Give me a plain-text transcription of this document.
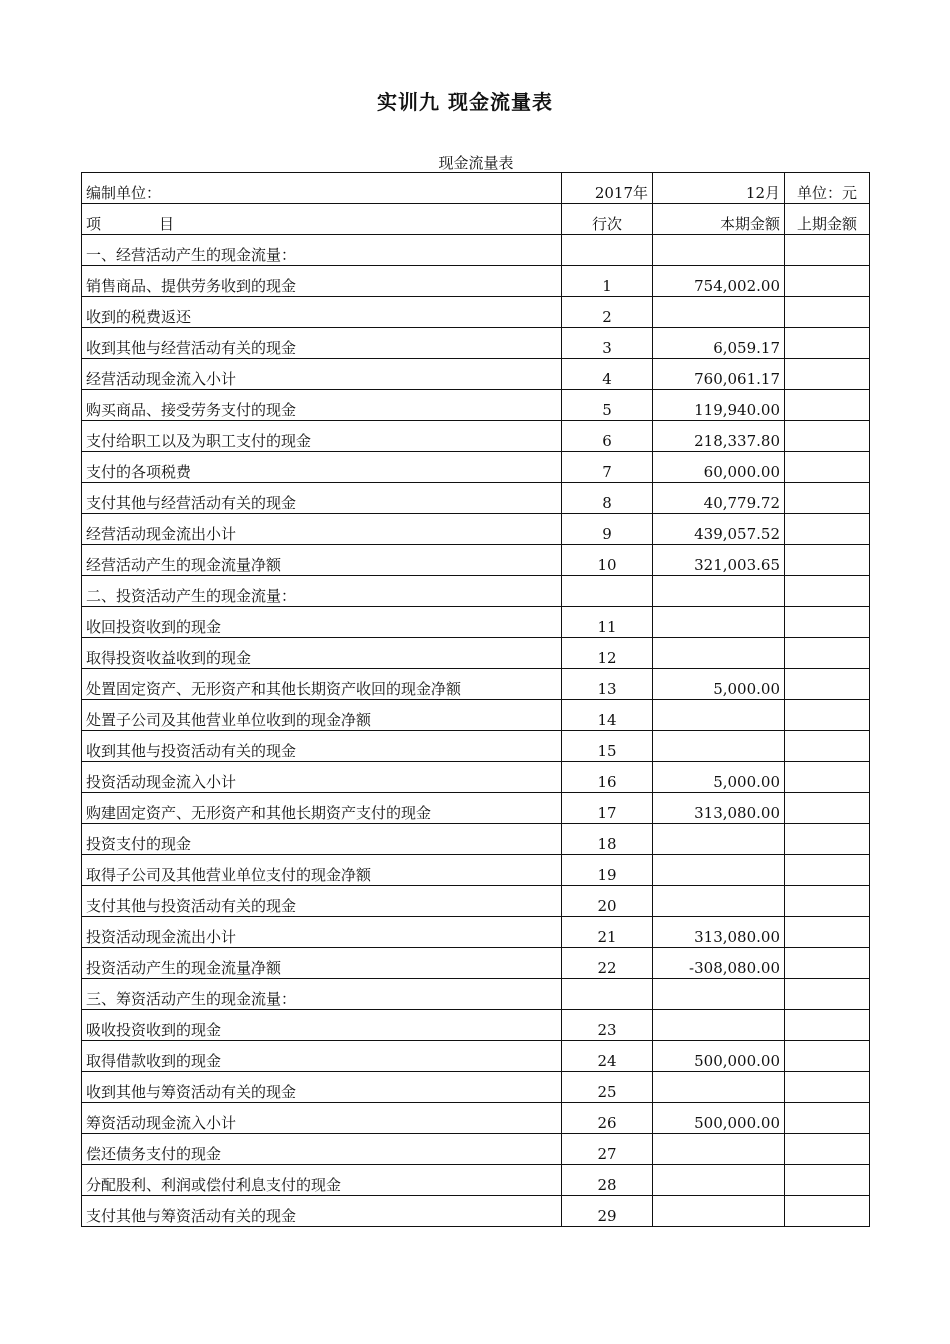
实训九 现金流量表
现金流量表
编制单位：	2017年	12月	单位：元
项 目	行次	本期金额	上期金额
一、经营活动产生的现金流量：			
销售商品、提供劳务收到的现金	1	754,002.00	
收到的税费返还	2		
收到其他与经营活动有关的现金	3	6,059.17	
经营活动现金流入小计	4	760,061.17	
购买商品、接受劳务支付的现金	5	119,940.00	
支付给职工以及为职工支付的现金	6	218,337.80	
支付的各项税费	7	60,000.00	
支付其他与经营活动有关的现金	8	40,779.72	
经营活动现金流出小计	9	439,057.52	
经营活动产生的现金流量净额	10	321,003.65	
二、投资活动产生的现金流量：			
收回投资收到的现金	11		
取得投资收益收到的现金	12		
处置固定资产、无形资产和其他长期资产收回的现金净额	13	5,000.00	
处置子公司及其他营业单位收到的现金净额	14		
收到其他与投资活动有关的现金	15		
投资活动现金流入小计	16	5,000.00	
购建固定资产、无形资产和其他长期资产支付的现金	17	313,080.00	
投资支付的现金	18		
取得子公司及其他营业单位支付的现金净额	19		
支付其他与投资活动有关的现金	20		
投资活动现金流出小计	21	313,080.00	
投资活动产生的现金流量净额	22	-308,080.00	
三、筹资活动产生的现金流量：			
吸收投资收到的现金	23		
取得借款收到的现金	24	500,000.00	
收到其他与筹资活动有关的现金	25		
筹资活动现金流入小计	26	500,000.00	
偿还债务支付的现金	27		
分配股利、利润或偿付利息支付的现金	28		
支付其他与筹资活动有关的现金	29		
